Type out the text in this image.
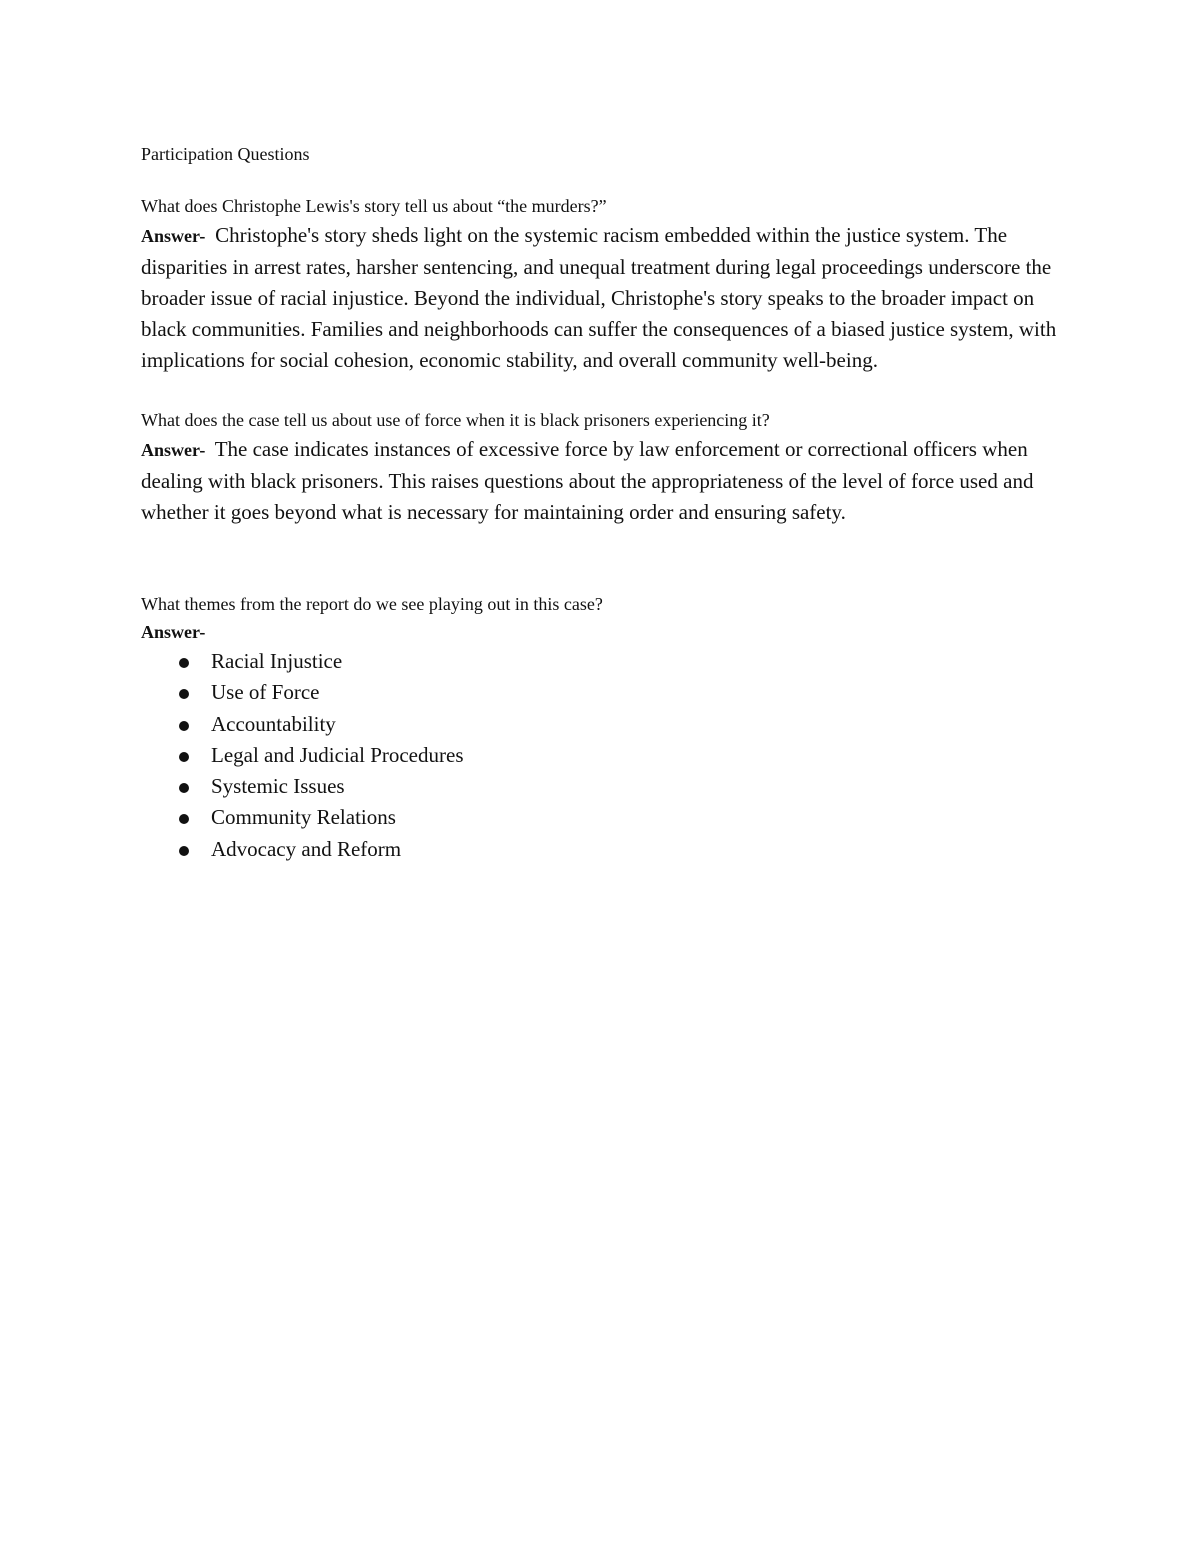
Participation Questions

What does Christophe Lewis's story tell us about “the murders?”

Answer-  Christophe's story sheds light on the systemic racism embedded within the justice system. The disparities in arrest rates, harsher sentencing, and unequal treatment during legal proceedings underscore the broader issue of racial injustice. Beyond the individual, Christophe's story speaks to the broader impact on black communities. Families and neighborhoods can suffer the consequences of a biased justice system, with implications for social cohesion, economic stability, and overall community well-being.

What does the case tell us about use of force when it is black prisoners experiencing it?

Answer-  The case indicates instances of excessive force by law enforcement or correctional officers when dealing with black prisoners. This raises questions about the appropriateness of the level of force used and whether it goes beyond what is necessary for maintaining order and ensuring safety.

What themes from the report do we see playing out in this case?

Answer-

Racial Injustice
Use of Force
Accountability
Legal and Judicial Procedures
Systemic Issues
Community Relations
Advocacy and Reform
